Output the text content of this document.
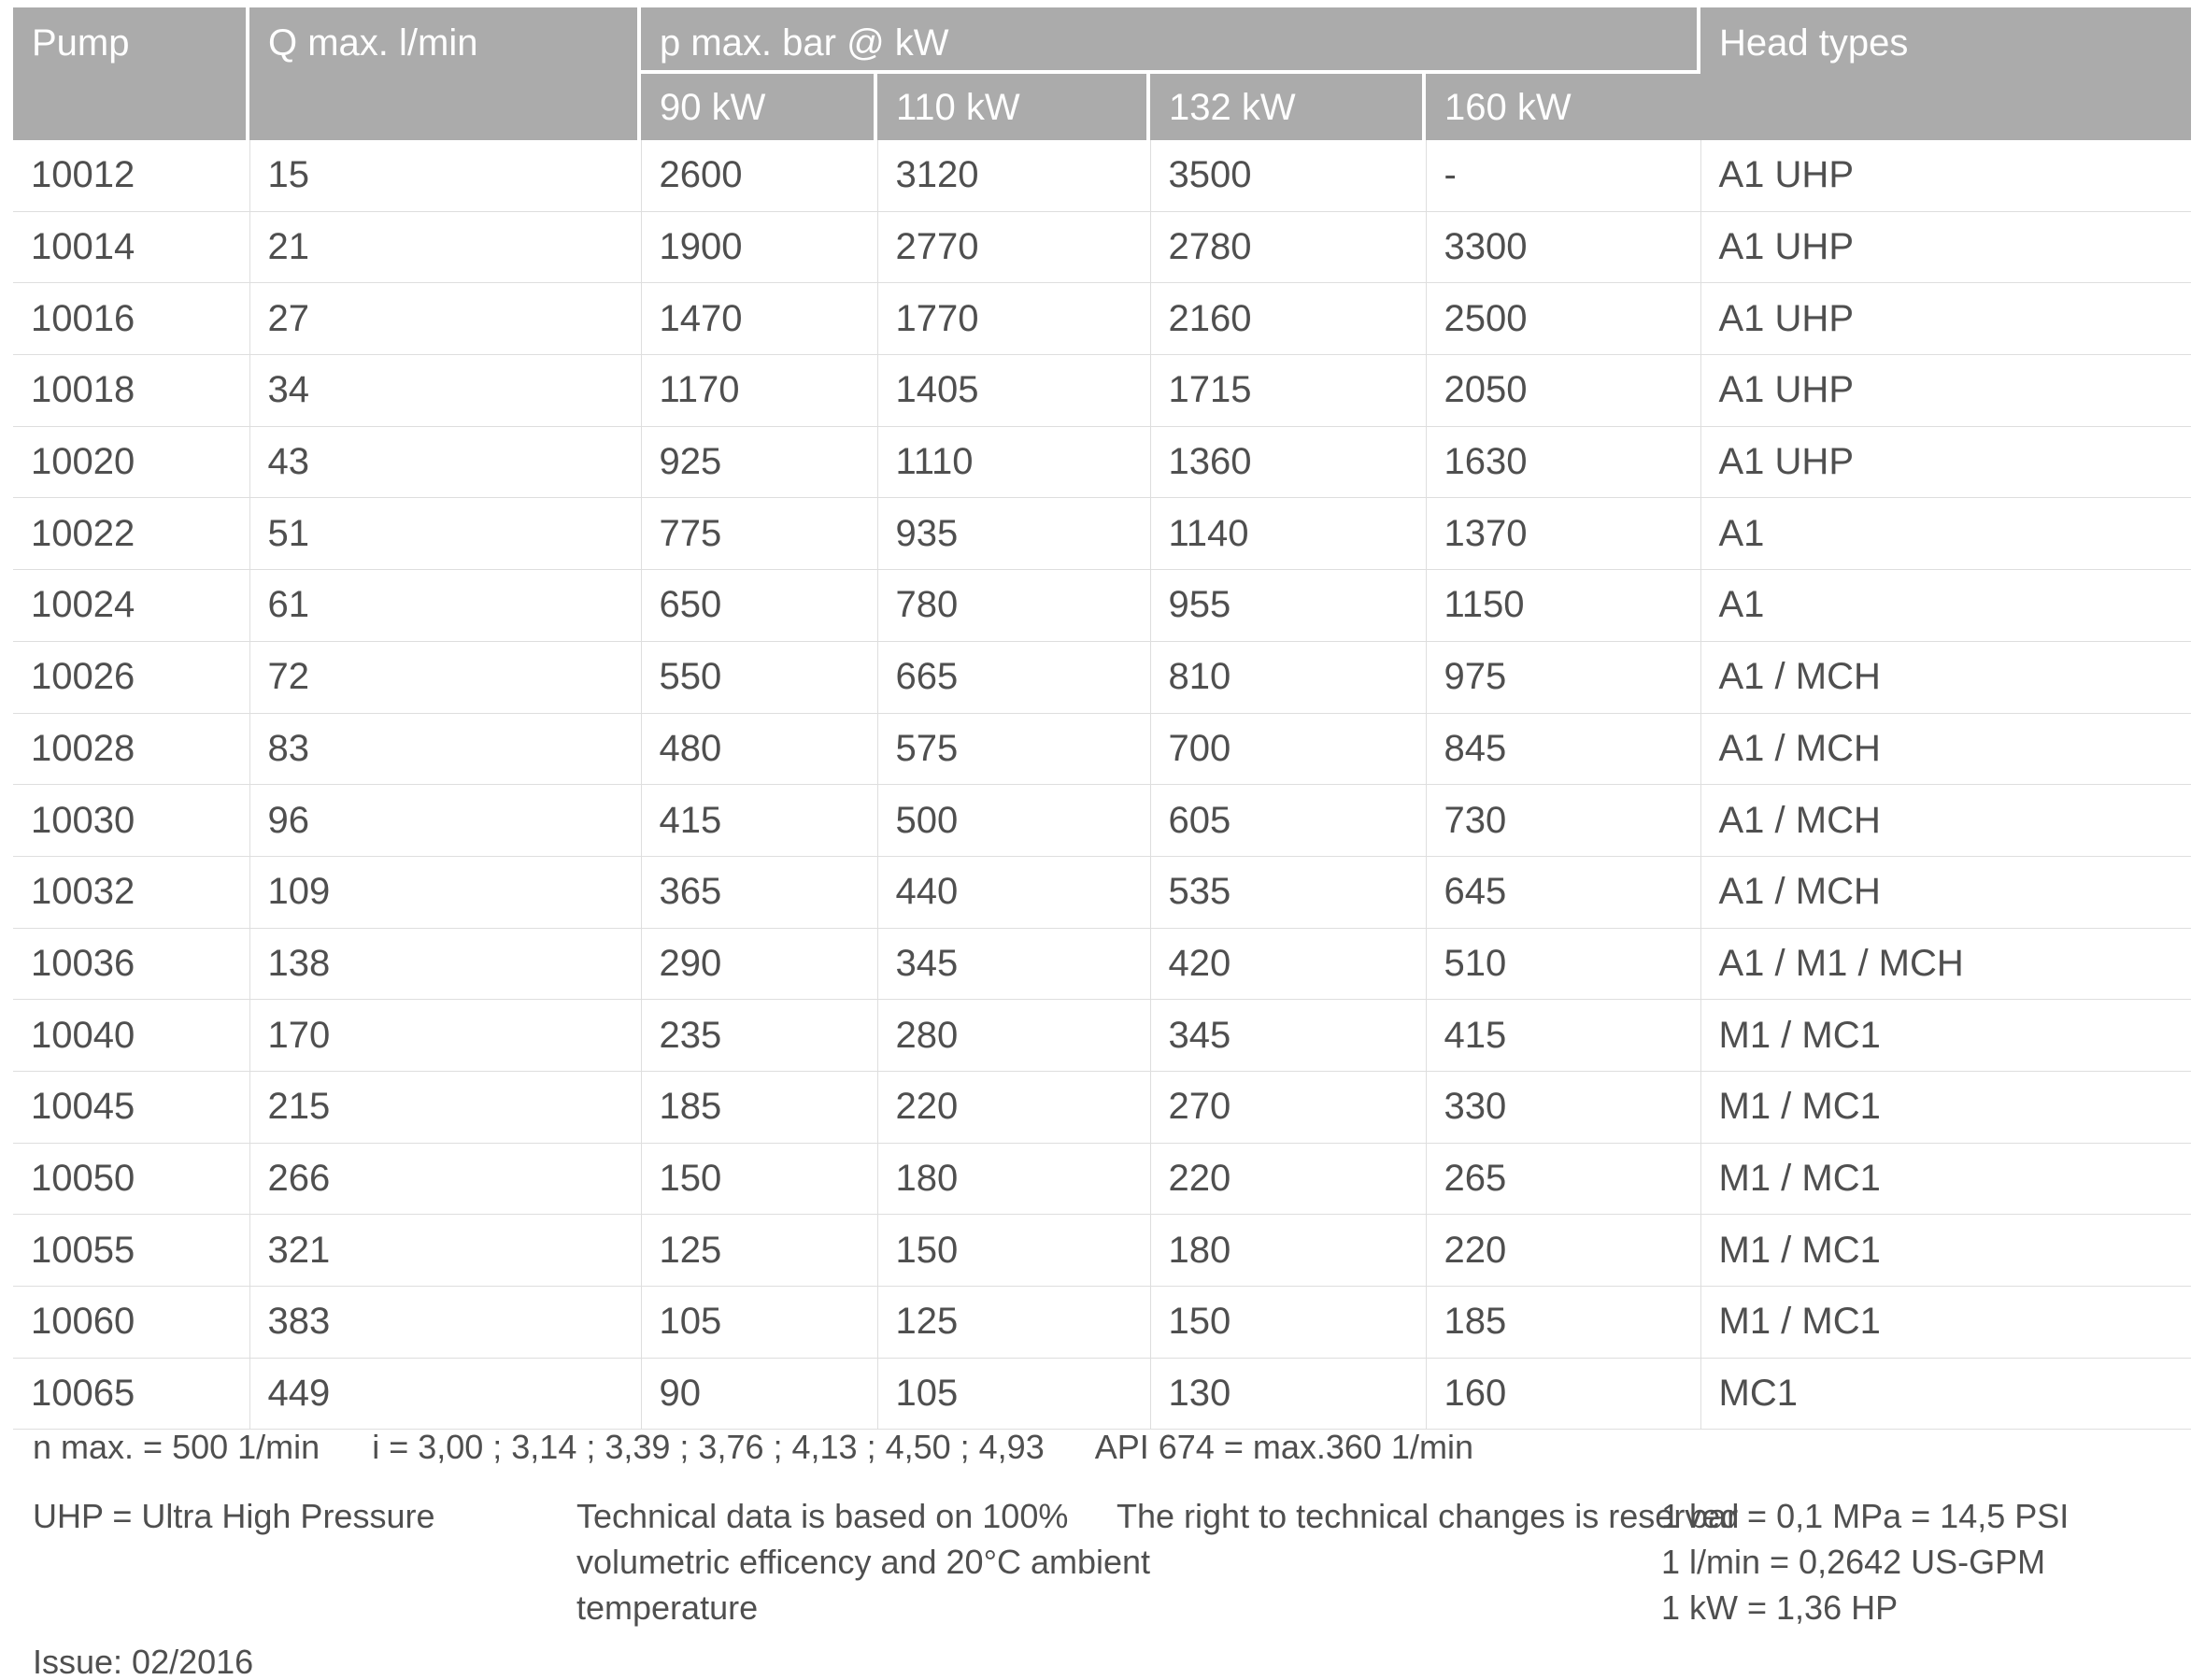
Pump	Q max. l/min	p max. bar @ kW	Head types
90 kW	110 kW	132 kW	160 kW
10012	15	2600	3120	3500	-	A1 UHP
10014	21	1900	2770	2780	3300	A1 UHP
10016	27	1470	1770	2160	2500	A1 UHP
10018	34	1170	1405	1715	2050	A1 UHP
10020	43	925	1110	1360	1630	A1 UHP
10022	51	775	935	1140	1370	A1
10024	61	650	780	955	1150	A1
10026	72	550	665	810	975	A1 / MCH
10028	83	480	575	700	845	A1 / MCH
10030	96	415	500	605	730	A1 / MCH
10032	109	365	440	535	645	A1 / MCH
10036	138	290	345	420	510	A1 / M1 / MCH
10040	170	235	280	345	415	M1 / MC1
10045	215	185	220	270	330	M1 / MC1
10050	266	150	180	220	265	M1 / MC1
10055	321	125	150	180	220	M1 / MC1
10060	383	105	125	150	185	M1 / MC1
10065	449	90	105	130	160	MC1
n max. = 500 1/min i = 3,00 ; 3,14 ; 3,39 ; 3,76 ; 4,13 ; 4,50 ; 4,93 API 674 = max.360 1/min
UHP = Ultra High Pressure	Technical data is based on 100%
volumetric efficency and 20°C ambient
temperature
The right to technical changes is reserved
1 bar = 0,1 MPa = 14,5 PSI
1 l/min = 0,2642 US-GPM
1 kW = 1,36 HP
Issue: 02/2016
